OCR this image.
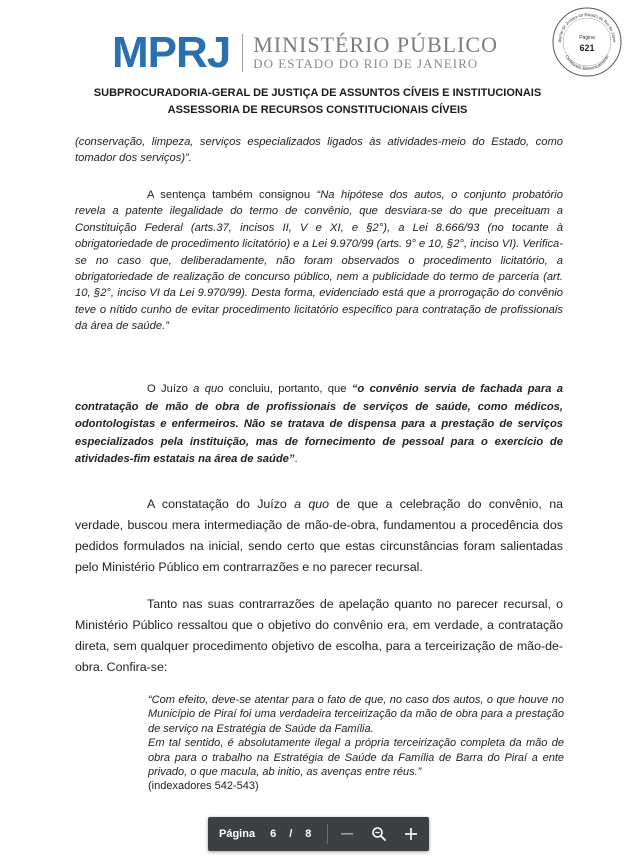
MPRJ MINISTÉRIO PÚBLICO
DO ESTADO DO RIO DE JANEIRO
ibunal de Justiça do Estado do Rio de Janei
Certificado Eletronicamente
Página
621
SUBPROCURADORIA-GERAL DE JUSTIÇA DE ASSUNTOS CÍVEIS E INSTITUCIONAIS
ASSESSORIA DE RECURSOS CONSTITUCIONAIS CÍVEIS
(conservação, limpeza, serviços especializados ligados às atividades-meio do Estado, como tomador dos serviços)”.
A sentença também consignou “Na hipótese dos autos, o conjunto probatório revela a patente ilegalidade do termo de convênio, que desviara-se do que preceituam a Constituição Federal (arts.37, incisos II, V e XI, e §2°), a Lei 8.666/93 (no tocante à obrigatoriedade de procedimento licitatório) e a Lei 9.970/99 (arts. 9° e 10, §2°, inciso VI). Verifica-se no caso que, deliberadamente, não foram observados o procedimento licitatório, a obrigatoriedade de realização de concurso público, nem a publicidade do termo de parceria (art. 10, §2°, inciso VI da Lei 9.970/99). Desta forma, evidenciado está que a prorrogação do convênio teve o nítido cunho de evitar procedimento licitatório específico para contratação de profissionais da área de saúde.”
O Juízo a quo concluiu, portanto, que “o convênio servia de fachada para a contratação de mão de obra de profissionais de serviços de saúde, como médicos, odontologistas e enfermeiros. Não se tratava de dispensa para a prestação de serviços especializados pela instituição, mas de fornecimento de pessoal para o exercício de atividades-fim estatais na área de saúde”.
A constatação do Juízo a quo de que a celebração do convênio, na verdade, buscou mera intermediação de mão-de-obra, fundamentou a procedência dos pedidos formulados na inicial, sendo certo que estas circunstâncias foram salientadas pelo Ministério Público em contrarrazões e no parecer recursal.
Tanto nas suas contrarrazões de apelação quanto no parecer recursal, o Ministério Público ressaltou que o objetivo do convênio era, em verdade, a contratação direta, sem qualquer procedimento objetivo de escolha, para a terceirização de mão-de-obra. Confira-se:
“Com efeito, deve-se atentar para o fato de que, no caso dos autos, o que houve no Município de Piraí foi uma verdadeira terceirização da mão de obra para a prestação de serviço na Estratégia de Saúde da Família.
Em tal sentido, é absolutamente ilegal a própria terceirização completa da mão de obra para o trabalho na Estratégia de Saúde da Família de Barra do Piraí a ente privado, o que macula, ab initio, as avenças entre réus.”
(indexadores 542-543)
Página 6 / 8
